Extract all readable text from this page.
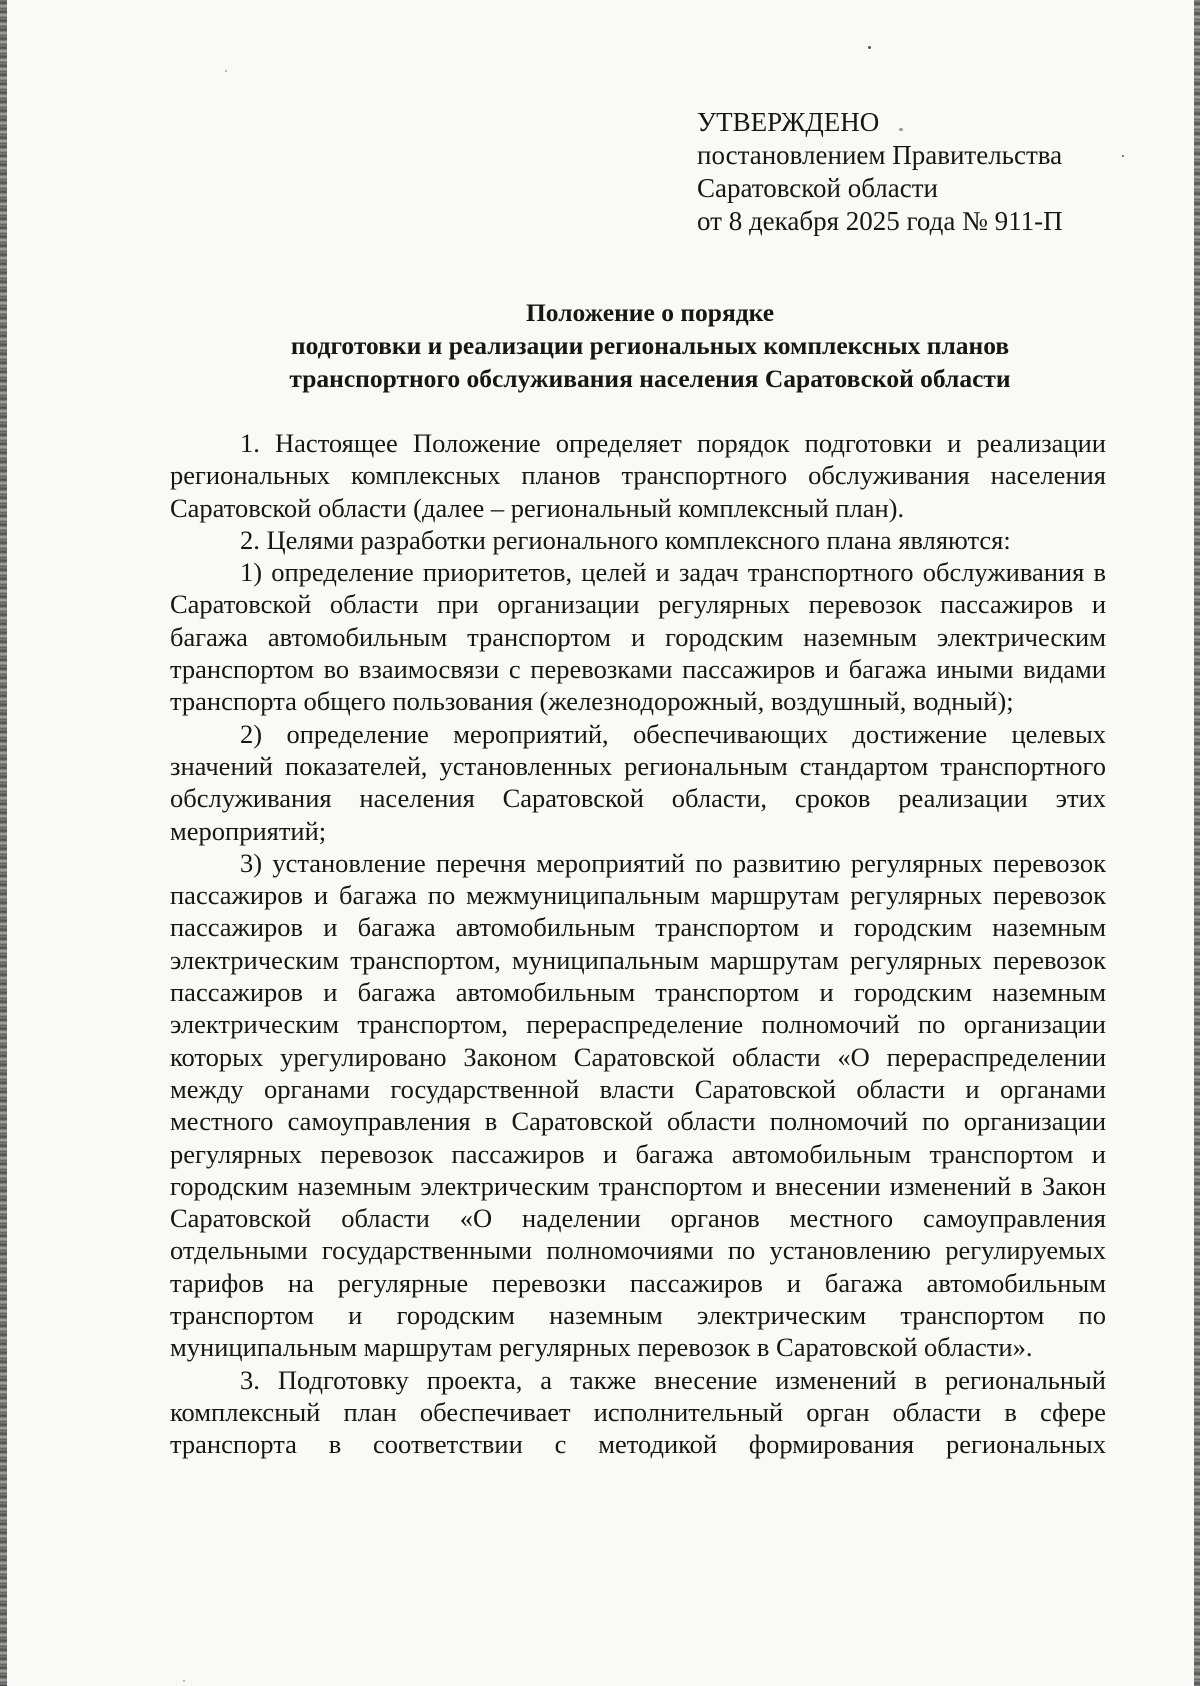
УТВЕРЖДЕНО
постановлением Правительства
Саратовской области
от 8 декабря 2025 года № 911-П
Положение о порядке
подготовки и реализации региональных комплексных планов
транспортного обслуживания населения Саратовской области

1. Настоящее Положение определяет порядок подготовки и реализации региональных комплексных планов транспортного обслуживания населения Саратовской области (далее – региональный комплексный план).

2. Целями разработки регионального комплексного плана являются:

1) определение приоритетов, целей и задач транспортного обслуживания в Саратовской области при организации регулярных перевозок пассажиров и багажа автомобильным транспортом и городским наземным электрическим транспортом во взаимосвязи с перевозками пассажиров и багажа иными видами транспорта общего пользования (железнодорожный, воздушный, водный);

2) определение мероприятий, обеспечивающих достижение целевых значений показателей, установленных региональным стандартом транспортного обслуживания населения Саратовской области, сроков реализации этих мероприятий;

3) установление перечня мероприятий по развитию регулярных перевозок пассажиров и багажа по межмуниципальным маршрутам регулярных перевозок пассажиров и багажа автомобильным транспортом и городским наземным электрическим транспортом, муниципальным маршрутам регулярных перевозок пассажиров и багажа автомобильным транспортом и городским наземным электрическим транспортом, перераспределение полномочий по организации которых урегулировано Законом Саратовской области «О перераспределении между органами государственной власти Саратовской области и органами местного самоуправления в Саратовской области полномочий по организации регулярных перевозок пассажиров и багажа автомобильным транспортом и городским наземным электрическим транспортом и внесении изменений в Закон Саратовской области «О наделении органов местного самоуправления отдельными государственными полномочиями по установлению регулируемых тарифов на регулярные перевозки пассажиров и багажа автомобильным транспортом и городским наземным электрическим транспортом по муниципальным маршрутам регулярных перевозок в Саратовской области».

3. Подготовку проекта, а также внесение изменений в региональный комплексный план обеспечивает исполнительный орган области в сфере транспорта в соответствии с методикой формирования региональных
